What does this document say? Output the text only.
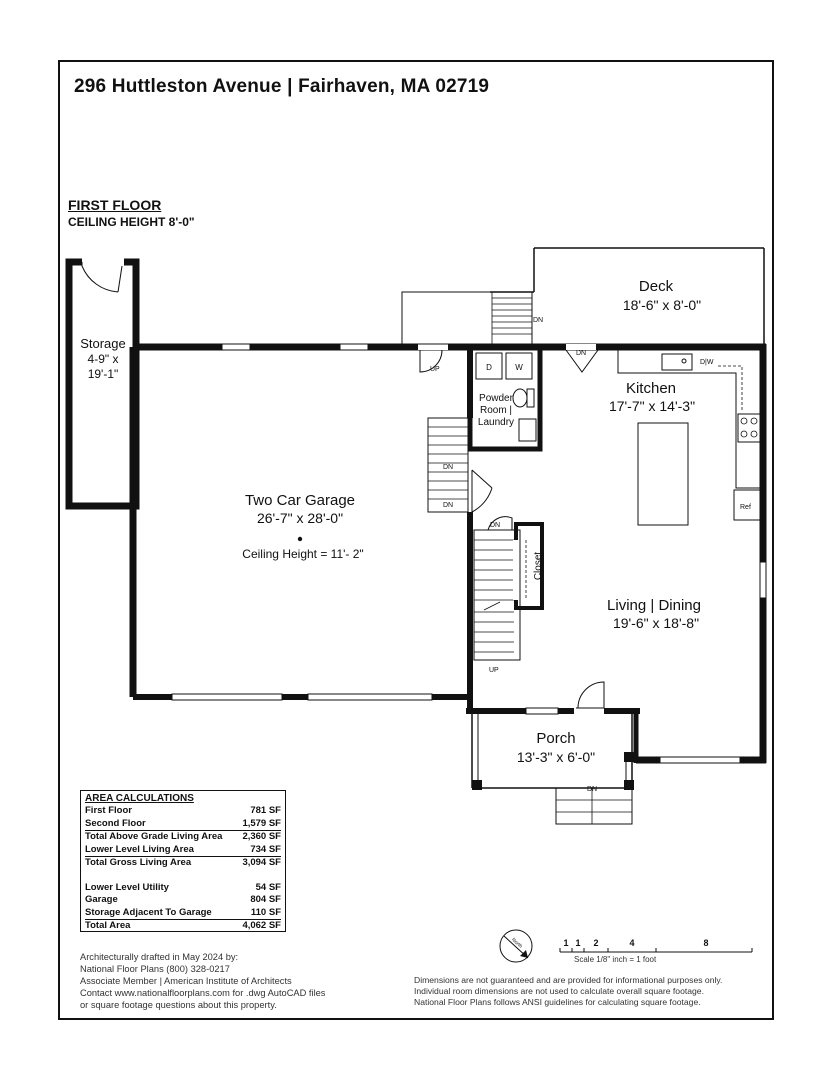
296 Huttleston Avenue | Fairhaven, MA 02719
FIRST FLOOR
CEILING HEIGHT 8'-0"
Storage
4-9" x
19'-1"	UP
Two Car Garage
26'-7" x 28'-0"
Ceiling Height = 11'- 2"
DN
DN
DN
Deck
18'-6" x 8'-0"
DN
D	W
Powder
Room |
Laundry
D|W
Ref
Kitchen
17'-7" x 14'-3"
DN
UP
Closet
Living | Dining
19'-6" x 18'-8"
DN
Porch
13'-3" x 6'-0"
North	1 1 2	4	8
Scale 1/8" inch = 1 foot
AREA CALCULATIONS
First Floor	781 SF
Second Floor	1,579 SF
Total Above Grade Living Area 2,360 SF
Lower Level Living Area	734 SF
Total Gross Living Area	3,094 SF
Lower Level Utility	54 SF
Garage	804 SF
Storage Adjacent To Garage	110 SF
Total Area	4,062 SF
Architecturally drafted in May 2024 by:
National Floor Plans (800) 328-0217
Associate Member | American Institute of Architects
Contact www.nationalfloorplans.com for .dwg AutoCAD files
or square footage questions about this property.
Dimensions are not guaranteed and are provided for informational purposes only.
Individual room dimensions are not used to calculate overall square footage.
National Floor Plans follows ANSI guidelines for calculating square footage.
